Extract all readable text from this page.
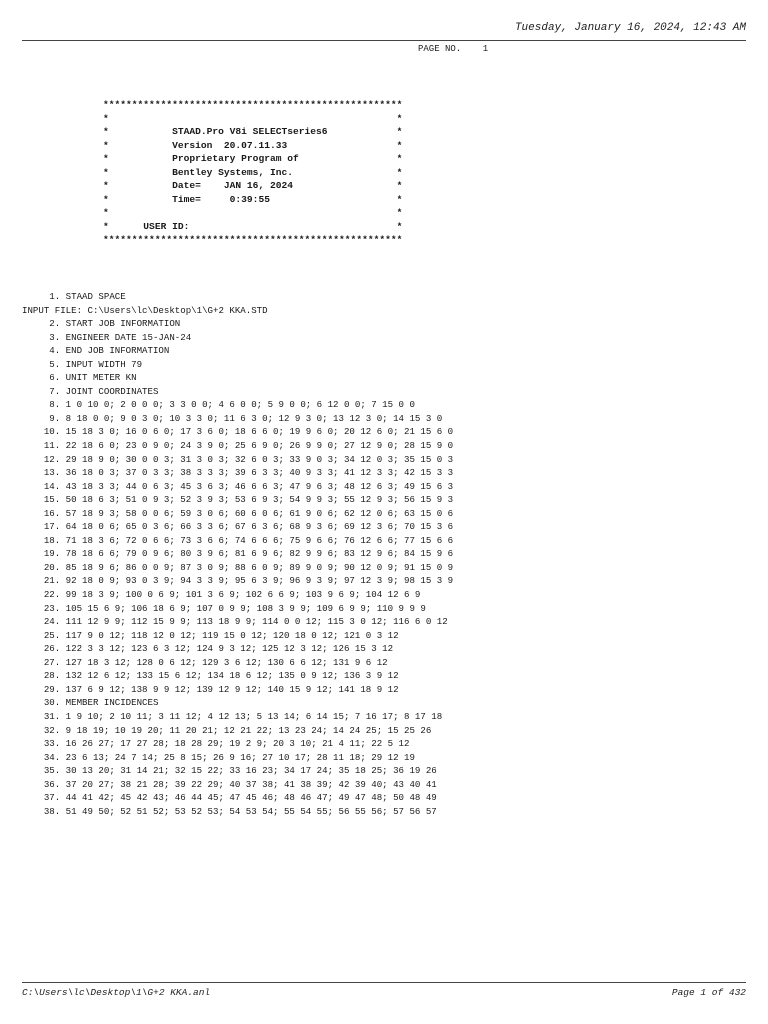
Tuesday, January 16, 2024, 12:43 AM
PAGE NO.    1
****************************************************
*                                                  *
*           STAAD.Pro V8i SELECTseries6            *
*           Version  20.07.11.33                   *
*           Proprietary Program of                 *
*           Bentley Systems, Inc.                  *
*           Date=    JAN 16, 2024                  *
*           Time=     0:39:55                      *
*                                                  *
*      USER ID:                                    *
****************************************************
1. STAAD SPACE
INPUT FILE: C:\Users\lc\Desktop\1\G+2 KKA.STD
2. START JOB INFORMATION
3. ENGINEER DATE 15-JAN-24
4. END JOB INFORMATION
5. INPUT WIDTH 79
6. UNIT METER KN
7. JOINT COORDINATES
8. 1 0 10 0; 2 0 0 0; 3 3 0 0; 4 6 0 0; 5 9 0 0; 6 12 0 0; 7 15 0 0
9. 8 18 0 0; 9 0 3 0; 10 3 3 0; 11 6 3 0; 12 9 3 0; 13 12 3 0; 14 15 3 0
10. 15 18 3 0; 16 0 6 0; 17 3 6 0; 18 6 6 0; 19 9 6 0; 20 12 6 0; 21 15 6 0
11. 22 18 6 0; 23 0 9 0; 24 3 9 0; 25 6 9 0; 26 9 9 0; 27 12 9 0; 28 15 9 0
12. 29 18 9 0; 30 0 0 3; 31 3 0 3; 32 6 0 3; 33 9 0 3; 34 12 0 3; 35 15 0 3
13. 36 18 0 3; 37 0 3 3; 38 3 3 3; 39 6 3 3; 40 9 3 3; 41 12 3 3; 42 15 3 3
14. 43 18 3 3; 44 0 6 3; 45 3 6 3; 46 6 6 3; 47 9 6 3; 48 12 6 3; 49 15 6 3
15. 50 18 6 3; 51 0 9 3; 52 3 9 3; 53 6 9 3; 54 9 9 3; 55 12 9 3; 56 15 9 3
16. 57 18 9 3; 58 0 0 6; 59 3 0 6; 60 6 0 6; 61 9 0 6; 62 12 0 6; 63 15 0 6
17. 64 18 0 6; 65 0 3 6; 66 3 3 6; 67 6 3 6; 68 9 3 6; 69 12 3 6; 70 15 3 6
18. 71 18 3 6; 72 0 6 6; 73 3 6 6; 74 6 6 6; 75 9 6 6; 76 12 6 6; 77 15 6 6
19. 78 18 6 6; 79 0 9 6; 80 3 9 6; 81 6 9 6; 82 9 9 6; 83 12 9 6; 84 15 9 6
20. 85 18 9 6; 86 0 0 9; 87 3 0 9; 88 6 0 9; 89 9 0 9; 90 12 0 9; 91 15 0 9
21. 92 18 0 9; 93 0 3 9; 94 3 3 9; 95 6 3 9; 96 9 3 9; 97 12 3 9; 98 15 3 9
22. 99 18 3 9; 100 0 6 9; 101 3 6 9; 102 6 6 9; 103 9 6 9; 104 12 6 9
23. 105 15 6 9; 106 18 6 9; 107 0 9 9; 108 3 9 9; 109 6 9 9; 110 9 9 9
24. 111 12 9 9; 112 15 9 9; 113 18 9 9; 114 0 0 12; 115 3 0 12; 116 6 0 12
25. 117 9 0 12; 118 12 0 12; 119 15 0 12; 120 18 0 12; 121 0 3 12
26. 122 3 3 12; 123 6 3 12; 124 9 3 12; 125 12 3 12; 126 15 3 12
27. 127 18 3 12; 128 0 6 12; 129 3 6 12; 130 6 6 12; 131 9 6 12
28. 132 12 6 12; 133 15 6 12; 134 18 6 12; 135 0 9 12; 136 3 9 12
29. 137 6 9 12; 138 9 9 12; 139 12 9 12; 140 15 9 12; 141 18 9 12
30. MEMBER INCIDENCES
31. 1 9 10; 2 10 11; 3 11 12; 4 12 13; 5 13 14; 6 14 15; 7 16 17; 8 17 18
32. 9 18 19; 10 19 20; 11 20 21; 12 21 22; 13 23 24; 14 24 25; 15 25 26
33. 16 26 27; 17 27 28; 18 28 29; 19 2 9; 20 3 10; 21 4 11; 22 5 12
34. 23 6 13; 24 7 14; 25 8 15; 26 9 16; 27 10 17; 28 11 18; 29 12 19
35. 30 13 20; 31 14 21; 32 15 22; 33 16 23; 34 17 24; 35 18 25; 36 19 26
36. 37 20 27; 38 21 28; 39 22 29; 40 37 38; 41 38 39; 42 39 40; 43 40 41
37. 44 41 42; 45 42 43; 46 44 45; 47 45 46; 48 46 47; 49 47 48; 50 48 49
38. 51 49 50; 52 51 52; 53 52 53; 54 53 54; 55 54 55; 56 55 56; 57 56 57
C:\Users\lc\Desktop\1\G+2 KKA.anl	Page 1 of 432
